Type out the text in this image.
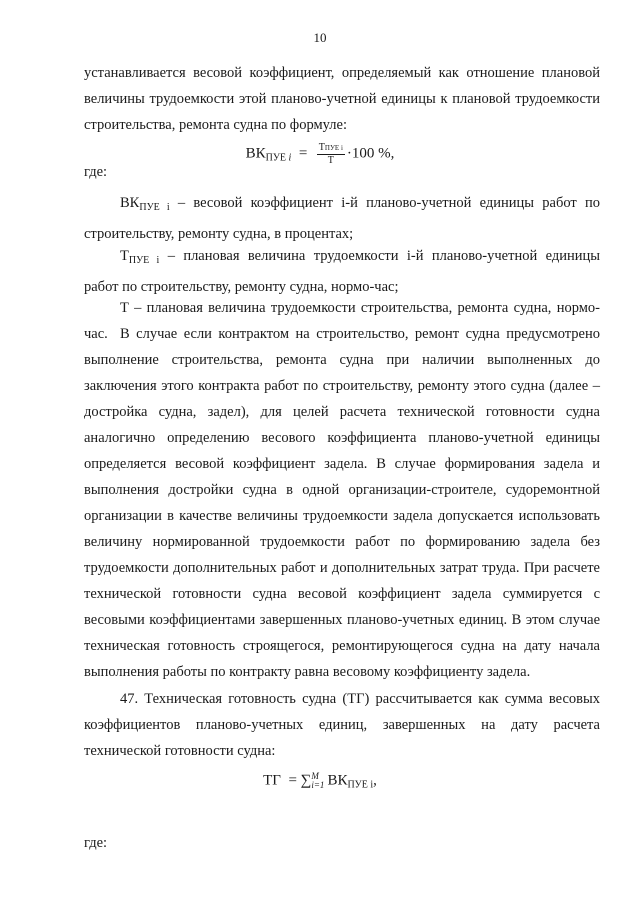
10

устанавливается весовой коэффициент, определяемый как отношение плановой величины трудоемкости этой планово-учетной единицы к плановой трудоемкости строительства, ремонта судна по формуле:

$ВК_{ПУЕ i} = \frac{\text{ТПУЕ i}}{Т} \cdot 100$ %,
где:

$ВК_{ПУЕ i}$ – весовой коэффициент i-й планово-учетной единицы работ по строительству, ремонту судна, в процентах;

$Т_{ПУЕ i}$ – плановая величина трудоемкости i-й планово-учетной единицы работ по строительству, ремонту судна, нормо-час;

Т – плановая величина трудоемкости строительства, ремонта судна, нормо-час. В случае если контрактом на строительство, ремонт судна предусмотрено выполнение строительства, ремонта судна при наличии выполненных до заключения этого контракта работ по строительству, ремонту этого судна (далее – достройка судна, задел), для целей расчета технической готовности судна аналогично определению весового коэффициента планово-учетной единицы определяется весовой коэффициент задела. В случае формирования задела и выполнения достройки судна в одной организации-строителе, судоремонтной организации в качестве величины трудоемкости задела допускается использовать величину нормированной трудоемкости работ по формированию задела без трудоемкости дополнительных работ и дополнительных затрат труда. При расчете технической готовности судна весовой коэффициент задела суммируется с весовыми коэффициентами завершенных планово-учетных единиц. В этом случае техническая готовность строящегося, ремонтирующегося судна на дату начала выполнения работы по контракту равна весовому коэффициенту задела.

47. Техническая готовность судна (ТГ) рассчитывается как сумма весовых коэффициентов планово-учетных единиц, завершенных на дату расчета технической готовности судна:

ТГ = ∑ M
i=1 $ВК_{ПУЕ i}$,
где:
